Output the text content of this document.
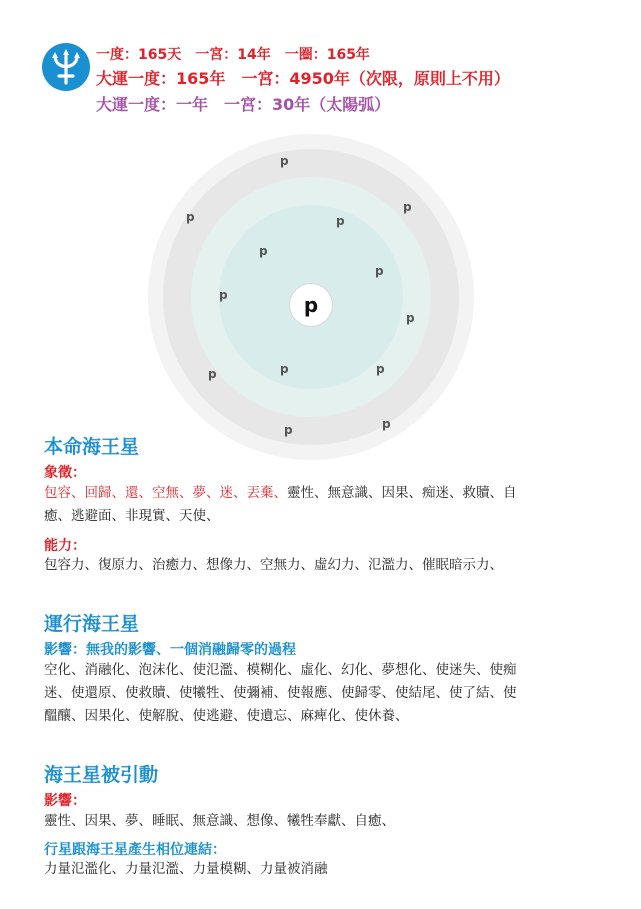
一度：165天　一宮：14年　一圈：165年
大運一度：165年　一宮：4950年（次限，原則上不用）
大運一度：一年　一宮：30年（太陽弧）
p
p	p
p
p
p
p
p
p	p	p
p	p
p
本命海王星
象徵：
包容、回歸、還、空無、夢、迷、丟棄、靈性、無意識、因果、痴迷、救贖、自
癒、逃避面、非現實、天使、
能力：
包容力、復原力、治癒力、想像力、空無力、虛幻力、氾濫力、催眠暗示力、
運行海王星
影響：無我的影響、一個消融歸零的過程
空化、消融化、泡沫化、使氾濫、模糊化、虛化、幻化、夢想化、使迷失、使痴
迷、使還原、使救贖、使犧牲、使彌補、使報應、使歸零、使結尾、使了結、使
醞釀、因果化、使解脫、使逃避、使遺忘、麻痺化、使休養、
海王星被引動
影響：
靈性、因果、夢、睡眠、無意識、想像、犧牲奉獻、自癒、
行星跟海王星產生相位連結：
力量氾濫化、力量氾濫、力量模糊、力量被消融
